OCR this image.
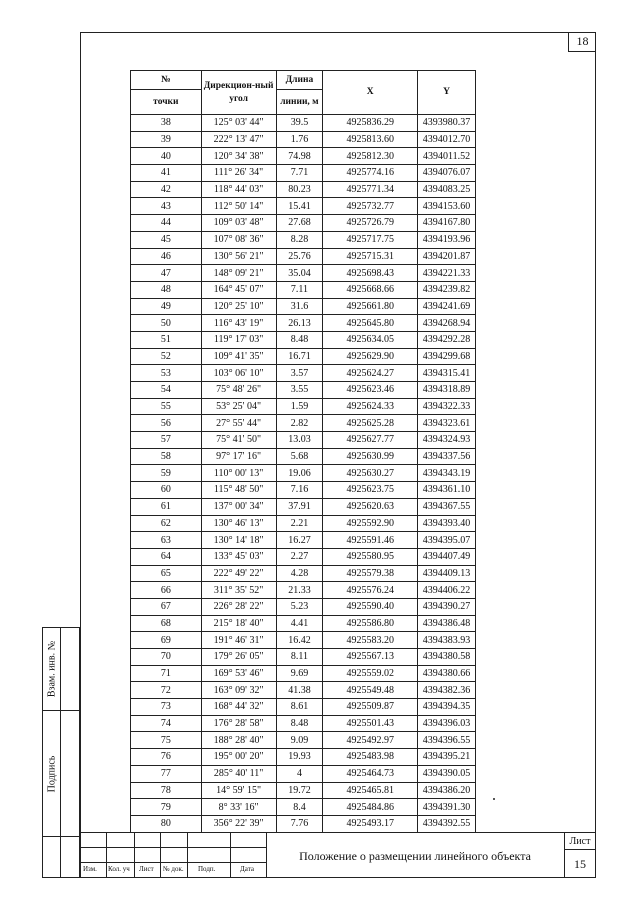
18
Взам. инв. №
Подпись
№	Дирекцион-ный угол	Длина	X	Y
точки		линии, м		
38	125° 03' 44"	39.5	4925836.29	4393980.37
39	222° 13' 47"	1.76	4925813.60	4394012.70
40	120° 34' 38"	74.98	4925812.30	4394011.52
41	111° 26' 34"	7.71	4925774.16	4394076.07
42	118° 44' 03"	80.23	4925771.34	4394083.25
43	112° 50' 14"	15.41	4925732.77	4394153.60
44	109° 03' 48"	27.68	4925726.79	4394167.80
45	107° 08' 36"	8.28	4925717.75	4394193.96
46	130° 56' 21"	25.76	4925715.31	4394201.87
47	148° 09' 21"	35.04	4925698.43	4394221.33
48	164° 45' 07"	7.11	4925668.66	4394239.82
49	120° 25' 10"	31.6	4925661.80	4394241.69
50	116° 43' 19"	26.13	4925645.80	4394268.94
51	119° 17' 03"	8.48	4925634.05	4394292.28
52	109° 41' 35"	16.71	4925629.90	4394299.68
53	103° 06' 10"	3.57	4925624.27	4394315.41
54	75° 48' 26"	3.55	4925623.46	4394318.89
55	53° 25' 04"	1.59	4925624.33	4394322.33
56	27° 55' 44"	2.82	4925625.28	4394323.61
57	75° 41' 50"	13.03	4925627.77	4394324.93
58	97° 17' 16"	5.68	4925630.99	4394337.56
59	110° 00' 13"	19.06	4925630.27	4394343.19
60	115° 48' 50"	7.16	4925623.75	4394361.10
61	137° 00' 34"	37.91	4925620.63	4394367.55
62	130° 46' 13"	2.21	4925592.90	4394393.40
63	130° 14' 18"	16.27	4925591.46	4394395.07
64	133° 45' 03"	2.27	4925580.95	4394407.49
65	222° 49' 22"	4.28	4925579.38	4394409.13
66	311° 35' 52"	21.33	4925576.24	4394406.22
67	226° 28' 22"	5.23	4925590.40	4394390.27
68	215° 18' 40"	4.41	4925586.80	4394386.48
69	191° 46' 31"	16.42	4925583.20	4394383.93
70	179° 26' 05"	8.11	4925567.13	4394380.58
71	169° 53' 46"	9.69	4925559.02	4394380.66
72	163° 09' 32"	41.38	4925549.48	4394382.36
73	168° 44' 32"	8.61	4925509.87	4394394.35
74	176° 28' 58"	8.48	4925501.43	4394396.03
75	188° 28' 40"	9.09	4925492.97	4394396.55
76	195° 00' 20"	19.93	4925483.98	4394395.21
77	285° 40' 11"	4	4925464.73	4394390.05
78	14° 59' 15"	19.72	4925465.81	4394386.20
79	8° 33' 16"	8.4	4925484.86	4394391.30
80	356° 22' 39"	7.76	4925493.17	4394392.55
Изм. Кол. уч Лист № док. Подп.	Дата
Положение о размещении линейного объекта
Лист
15
